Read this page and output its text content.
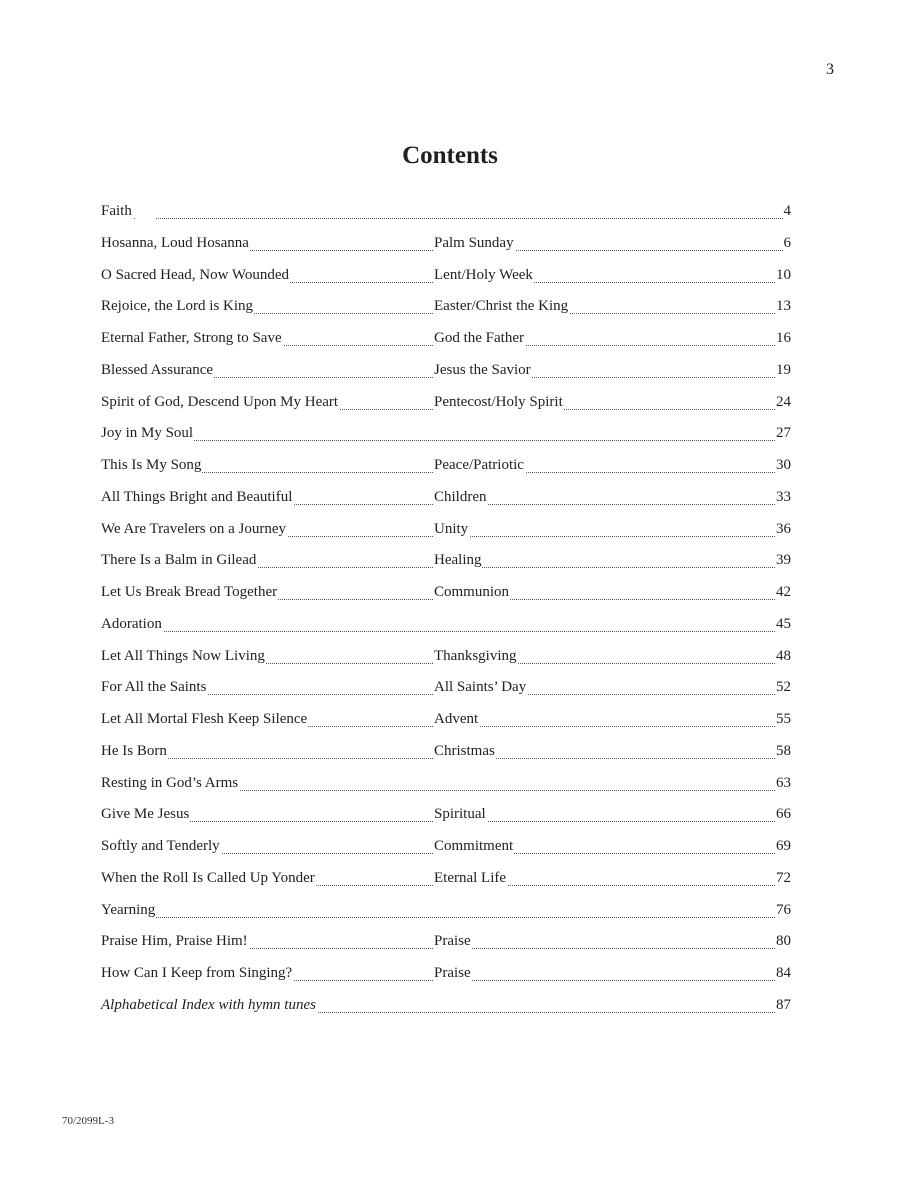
3
Contents
Faith	4
Hosanna, Loud Hosanna	Palm Sunday	6
O Sacred Head, Now Wounded	Lent/Holy Week	10
Rejoice, the Lord is King	Easter/Christ the King	13
Eternal Father, Strong to Save	God the Father	16
Blessed Assurance	Jesus the Savior	19
Spirit of God, Descend Upon My Heart	Pentecost/Holy Spirit	24
Joy in My Soul	27
This Is My Song	Peace/Patriotic	30
All Things Bright and Beautiful	Children	33
We Are Travelers on a Journey	Unity	36
There Is a Balm in Gilead	Healing	39
Let Us Break Bread Together	Communion	42
Adoration	45
Let All Things Now Living	Thanksgiving	48
For All the Saints	All Saints’ Day	52
Let All Mortal Flesh Keep Silence	Advent	55
He Is Born	Christmas	58
Resting in God’s Arms	63
Give Me Jesus	Spiritual	66
Softly and Tenderly	Commitment	69
When the Roll Is Called Up Yonder	Eternal Life	72
Yearning	76
Praise Him, Praise Him!	Praise	80
How Can I Keep from Singing?	Praise	84
Alphabetical Index with hymn tunes	87
70/2099L-3
